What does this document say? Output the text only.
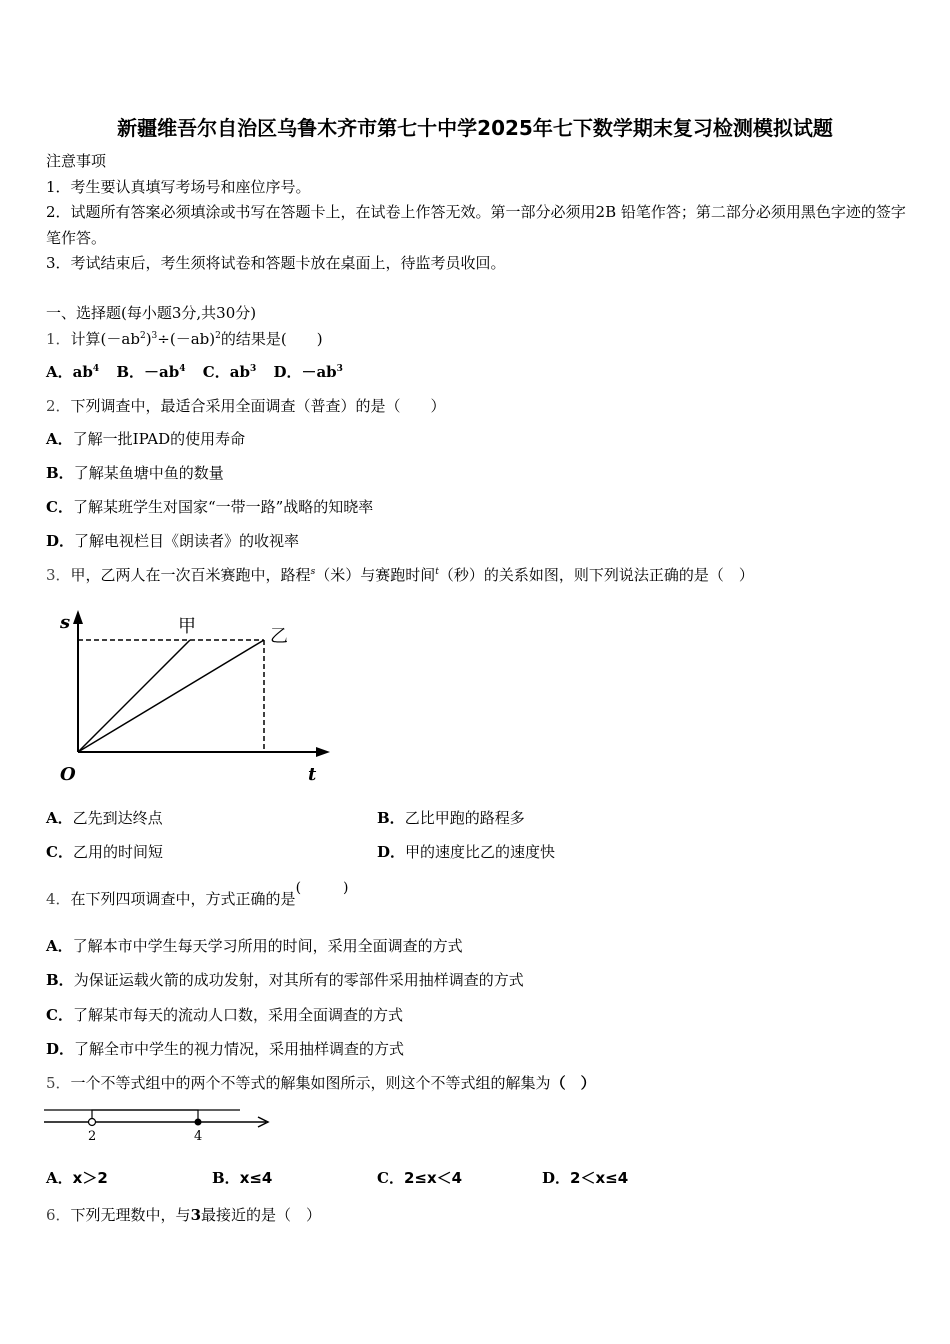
新疆维吾尔自治区乌鲁木齐市第七十中学2025年七下数学期末复习检测模拟试题
注意事项
1．考生要认真填写考场号和座位序号。
2．试题所有答案必须填涂或书写在答题卡上，在试卷上作答无效。第一部分必须用2B 铅笔作答；第二部分必须用黑色字迹的签字笔作答。
3．考试结束后，考生须将试卷和答题卡放在桌面上，待监考员收回。
一、选择题(每小题3分,共30分)
1．计算$(-ab^2)^3\div(-ab)^2$的结果是(　　)
A．$ab^4$ B．$-ab^4$ C．$ab^3$ D．$-ab^3$
2．下列调查中，最适合采用全面调查（普查）的是（　　）
A．了解一批IPAD的使用寿命
B．了解某鱼塘中鱼的数量
C．了解某班学生对国家“一带一路”战略的知晓率
D．了解电视栏目《朗读者》的收视率
3．甲，乙两人在一次百米赛跑中，路程$^s$（米）与赛跑时间$^t$（秒）的关系如图，则下列说法正确的是（　）
s
t
O
甲	乙
A．乙先到达终点	B．乙比甲跑的路程多
C．乙用的时间短	D．甲的速度比乙的速度快
4．在下列四项调查中，方式正确的是(　　　)
A．了解本市中学生每天学习所用的时间，采用全面调查的方式
B．为保证运载火箭的成功发射，对其所有的零部件采用抽样调查的方式
C．了解某市每天的流动人口数，采用全面调查的方式
D．了解全市中学生的视力情况，采用抽样调查的方式
5．一个不等式组中的两个不等式的解集如图所示，则这个不等式组的解集为（　）
2	4
A．x＞2	B．x≤4	C．2≤x＜4	D．2＜x≤4
6．下列无理数中，与3最接近的是（　）
